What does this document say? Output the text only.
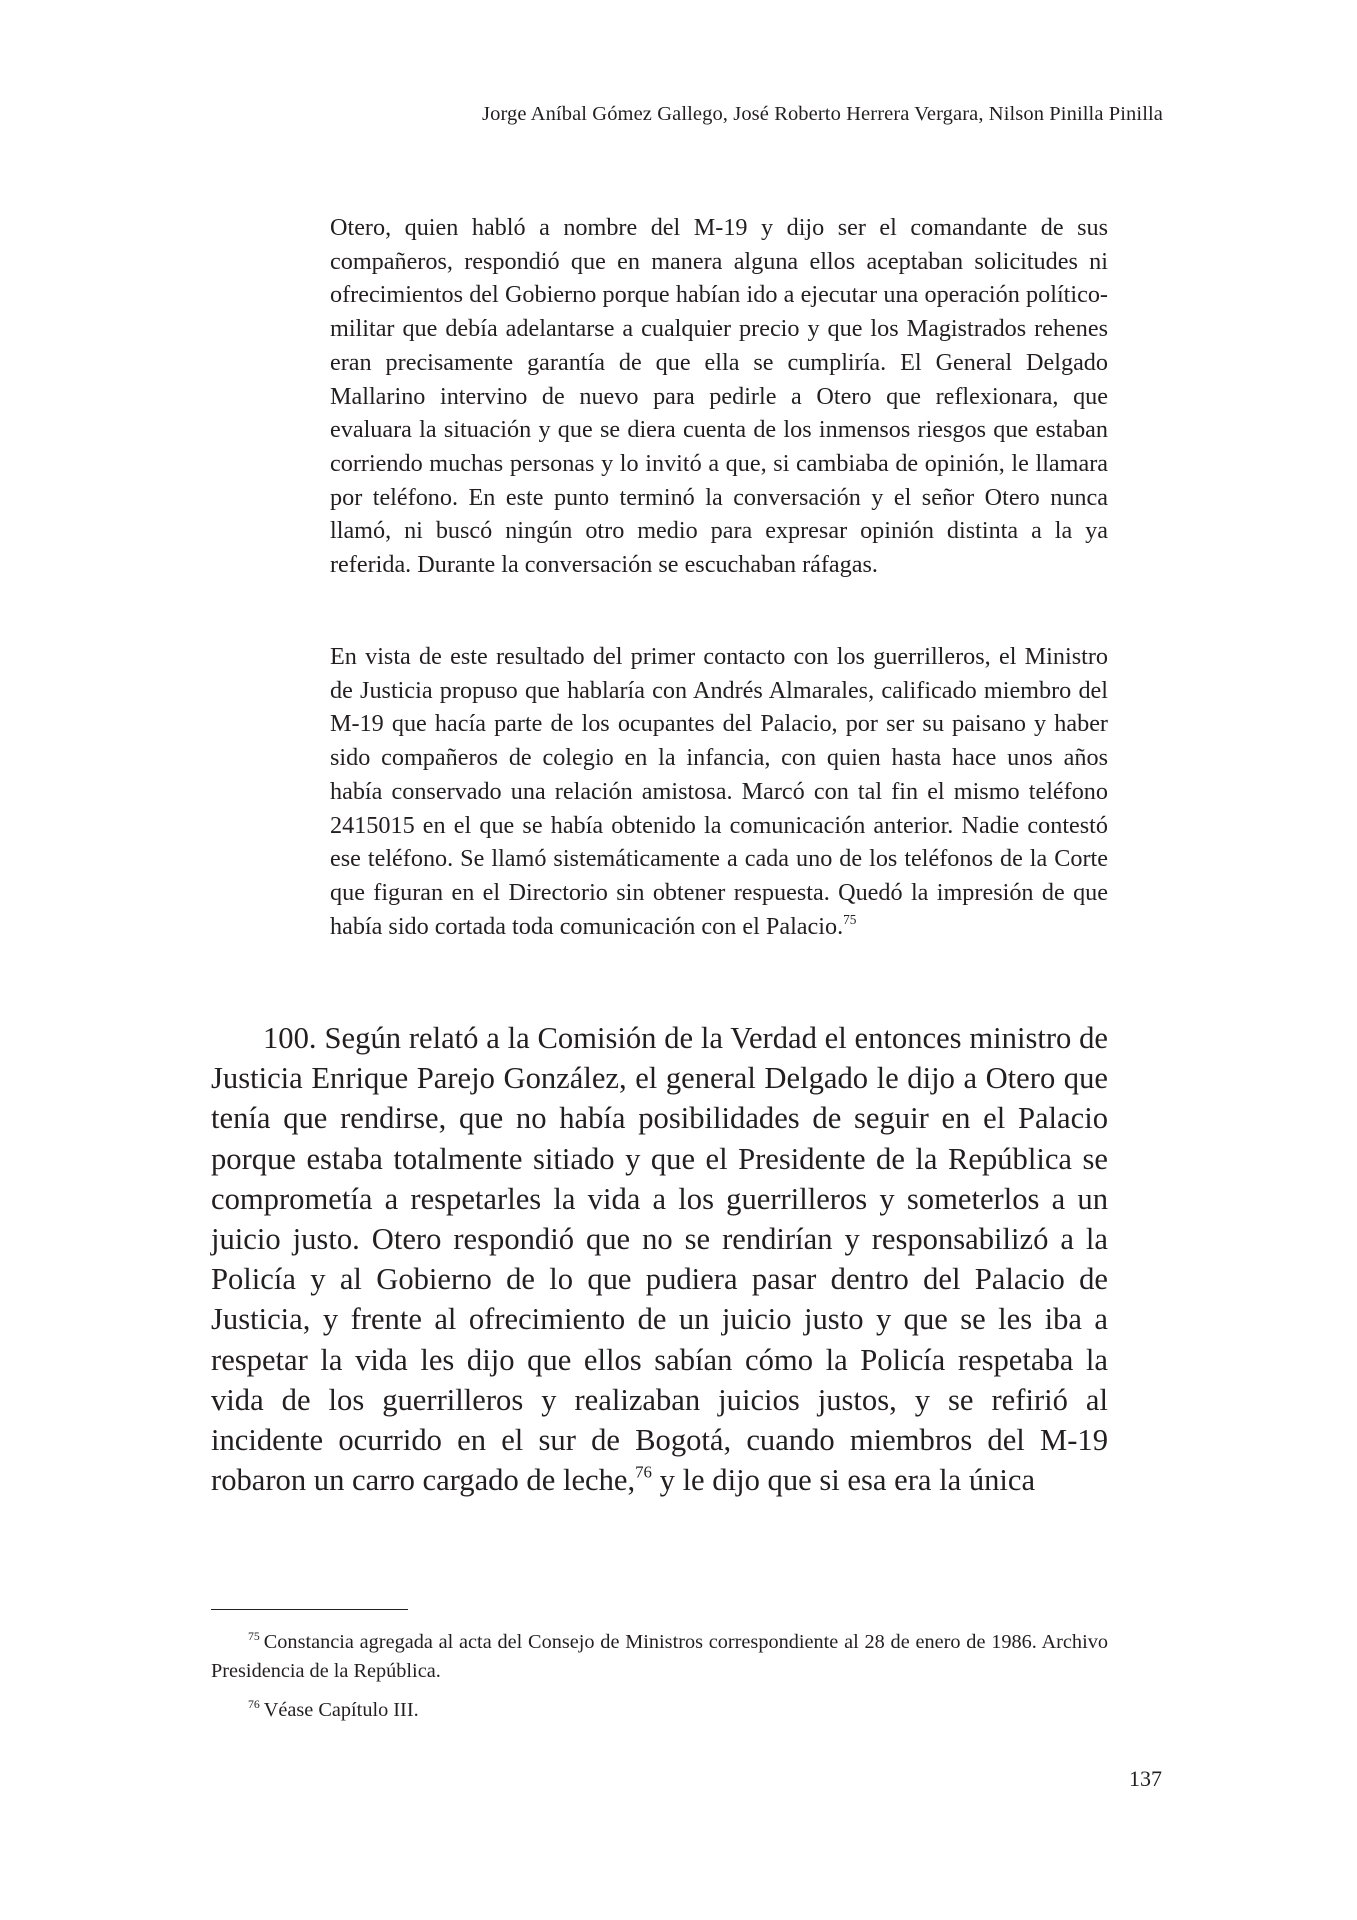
Jorge Aníbal Gómez Gallego, José Roberto Herrera Vergara, Nilson Pinilla Pinilla

Otero, quien habló a nombre del M-19 y dijo ser el comandante de sus compañeros, respondió que en manera alguna ellos aceptaban solicitudes ni ofrecimientos del Gobierno porque habían ido a ejecutar una operación político-militar que debía adelantarse a cualquier precio y que los Magistrados rehenes eran precisamente garantía de que ella se cumpliría. El General Delgado Mallarino intervino de nuevo para pedirle a Otero que reflexionara, que evaluara la situación y que se diera cuenta de los inmensos riesgos que estaban corriendo muchas personas y lo invitó a que, si cambiaba de opinión, le llamara por teléfono. En este punto terminó la conversación y el señor Otero nunca llamó, ni buscó ningún otro medio para expresar opinión distinta a la ya referida. Durante la conversación se escuchaban ráfagas.

En vista de este resultado del primer contacto con los guerrilleros, el Ministro de Justicia propuso que hablaría con Andrés Almarales, calificado miembro del M-19 que hacía parte de los ocupantes del Palacio, por ser su paisano y haber sido compañeros de colegio en la infancia, con quien hasta hace unos años había conservado una relación amistosa. Marcó con tal fin el mismo teléfono 2415015 en el que se había obtenido la comunicación anterior. Nadie contestó ese teléfono. Se llamó sistemáticamente a cada uno de los teléfonos de la Corte que figuran en el Directorio sin obtener respuesta. Quedó la impresión de que había sido cortada toda comunicación con el Palacio.$^{75}$

100. Según relató a la Comisión de la Verdad el entonces ministro de Justicia Enrique Parejo González, el general Delgado le dijo a Otero que tenía que rendirse, que no había posibilidades de seguir en el Palacio porque estaba totalmente sitiado y que el Presidente de la República se comprometía a respetarles la vida a los guerrilleros y someterlos a un juicio justo. Otero respondió que no se rendirían y responsabilizó a la Policía y al Gobierno de lo que pudiera pasar dentro del Palacio de Justicia, y frente al ofrecimiento de un juicio justo y que se les iba a respetar la vida les dijo que ellos sabían cómo la Policía respetaba la vida de los guerrilleros y realizaban juicios justos, y se refirió al incidente ocurrido en el sur de Bogotá, cuando miembros del M-19 robaron un carro cargado de leche,$^{76}$ y le dijo que si esa era la única

$^{75}$ Constancia agregada al acta del Consejo de Ministros correspondiente al 28 de enero de 1986. Archivo Presidencia de la República.

$^{76}$ Véase Capítulo III.

137
